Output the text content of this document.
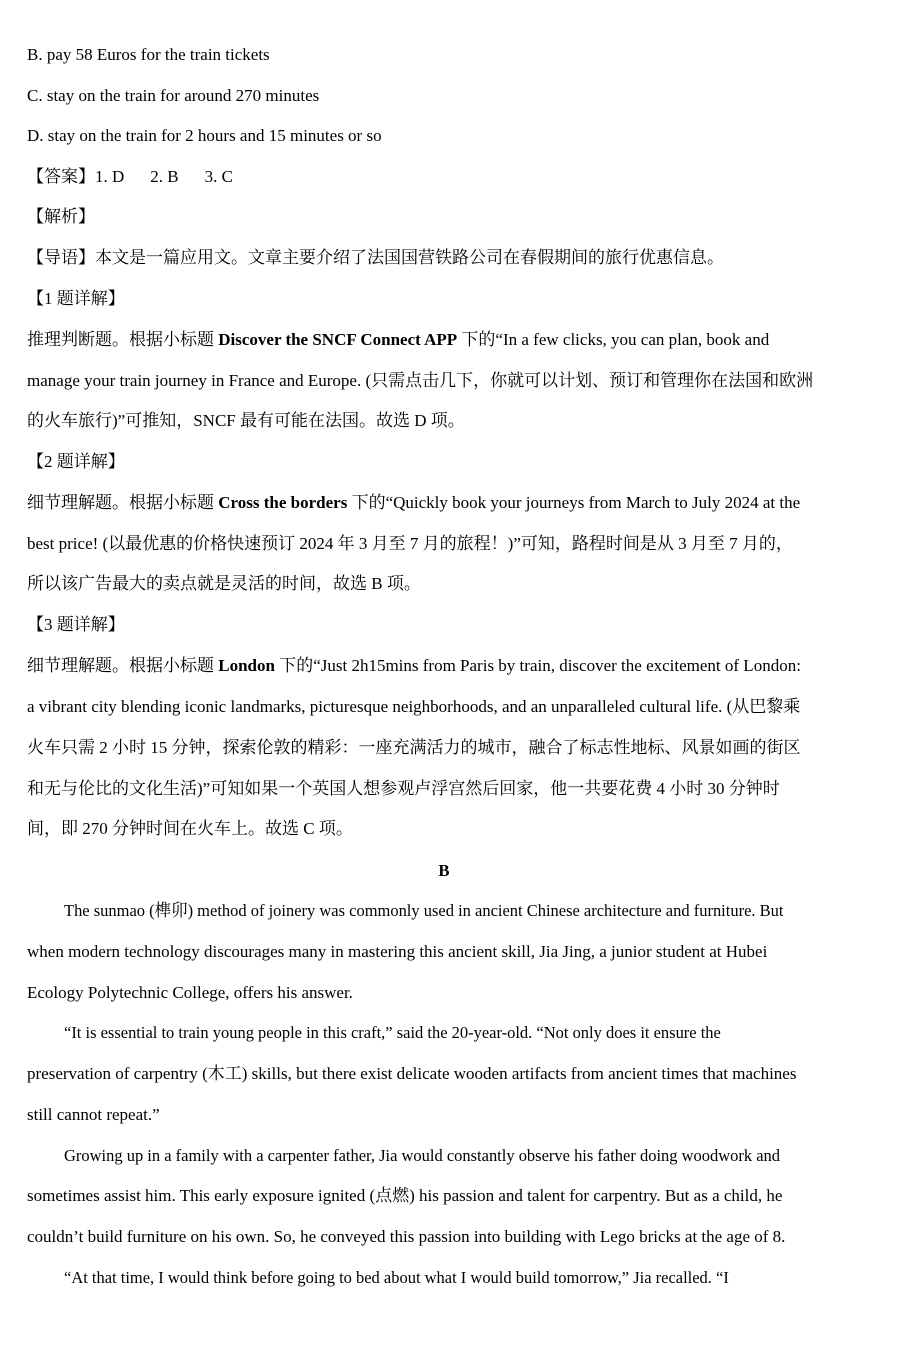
B. pay 58 Euros for the train tickets
C. stay on the train for around 270 minutes
D. stay on the train for 2 hours and 15 minutes or so
【答案】1. D 2. B 3. C
【解析】
【导语】本文是一篇应用文。文章主要介绍了法国国营铁路公司在春假期间的旅行优惠信息。
【1 题详解】
推理判断题。根据小标题 Discover the SNCF Connect APP 下的“In a few clicks, you can plan, book and
manage your train journey in France and Europe. (只需点击几下，你就可以计划、预订和管理你在法国和欧洲
的火车旅行)”可推知，SNCF 最有可能在法国。故选 D 项。
【2 题详解】
细节理解题。根据小标题 Cross the borders 下的“Quickly book your journeys from March to July 2024 at the
best price! (以最优惠的价格快速预订 2024 年 3 月至 7 月的旅程！)”可知，路程时间是从 3 月至 7 月的，
所以该广告最大的卖点就是灵活的时间，故选 B 项。
【3 题详解】
细节理解题。根据小标题 London 下的“Just 2h15mins from Paris by train, discover the excitement of London:
a vibrant city blending iconic landmarks, picturesque neighborhoods, and an unparalleled cultural life. (从巴黎乘
火车只需 2 小时 15 分钟，探索伦敦的精彩：一座充满活力的城市，融合了标志性地标、风景如画的街区
和无与伦比的文化生活)”可知如果一个英国人想参观卢浮宫然后回家，他一共要花费 4 小时 30 分钟时
间，即 270 分钟时间在火车上。故选 C 项。
B
The sunmao (榫卯) method of joinery was commonly used in ancient Chinese architecture and furniture. But
when modern technology discourages many in mastering this ancient skill, Jia Jing, a junior student at Hubei
Ecology Polytechnic College, offers his answer.
“It is essential to train young people in this craft,” said the 20-year-old. “Not only does it ensure the
preservation of carpentry (木工) skills, but there exist delicate wooden artifacts from ancient times that machines
still cannot repeat.”
Growing up in a family with a carpenter father, Jia would constantly observe his father doing woodwork and
sometimes assist him. This early exposure ignited (点燃) his passion and talent for carpentry. But as a child, he
couldn’t build furniture on his own. So, he conveyed this passion into building with Lego bricks at the age of 8.
“At that time, I would think before going to bed about what I would build tomorrow,” Jia recalled. “I
